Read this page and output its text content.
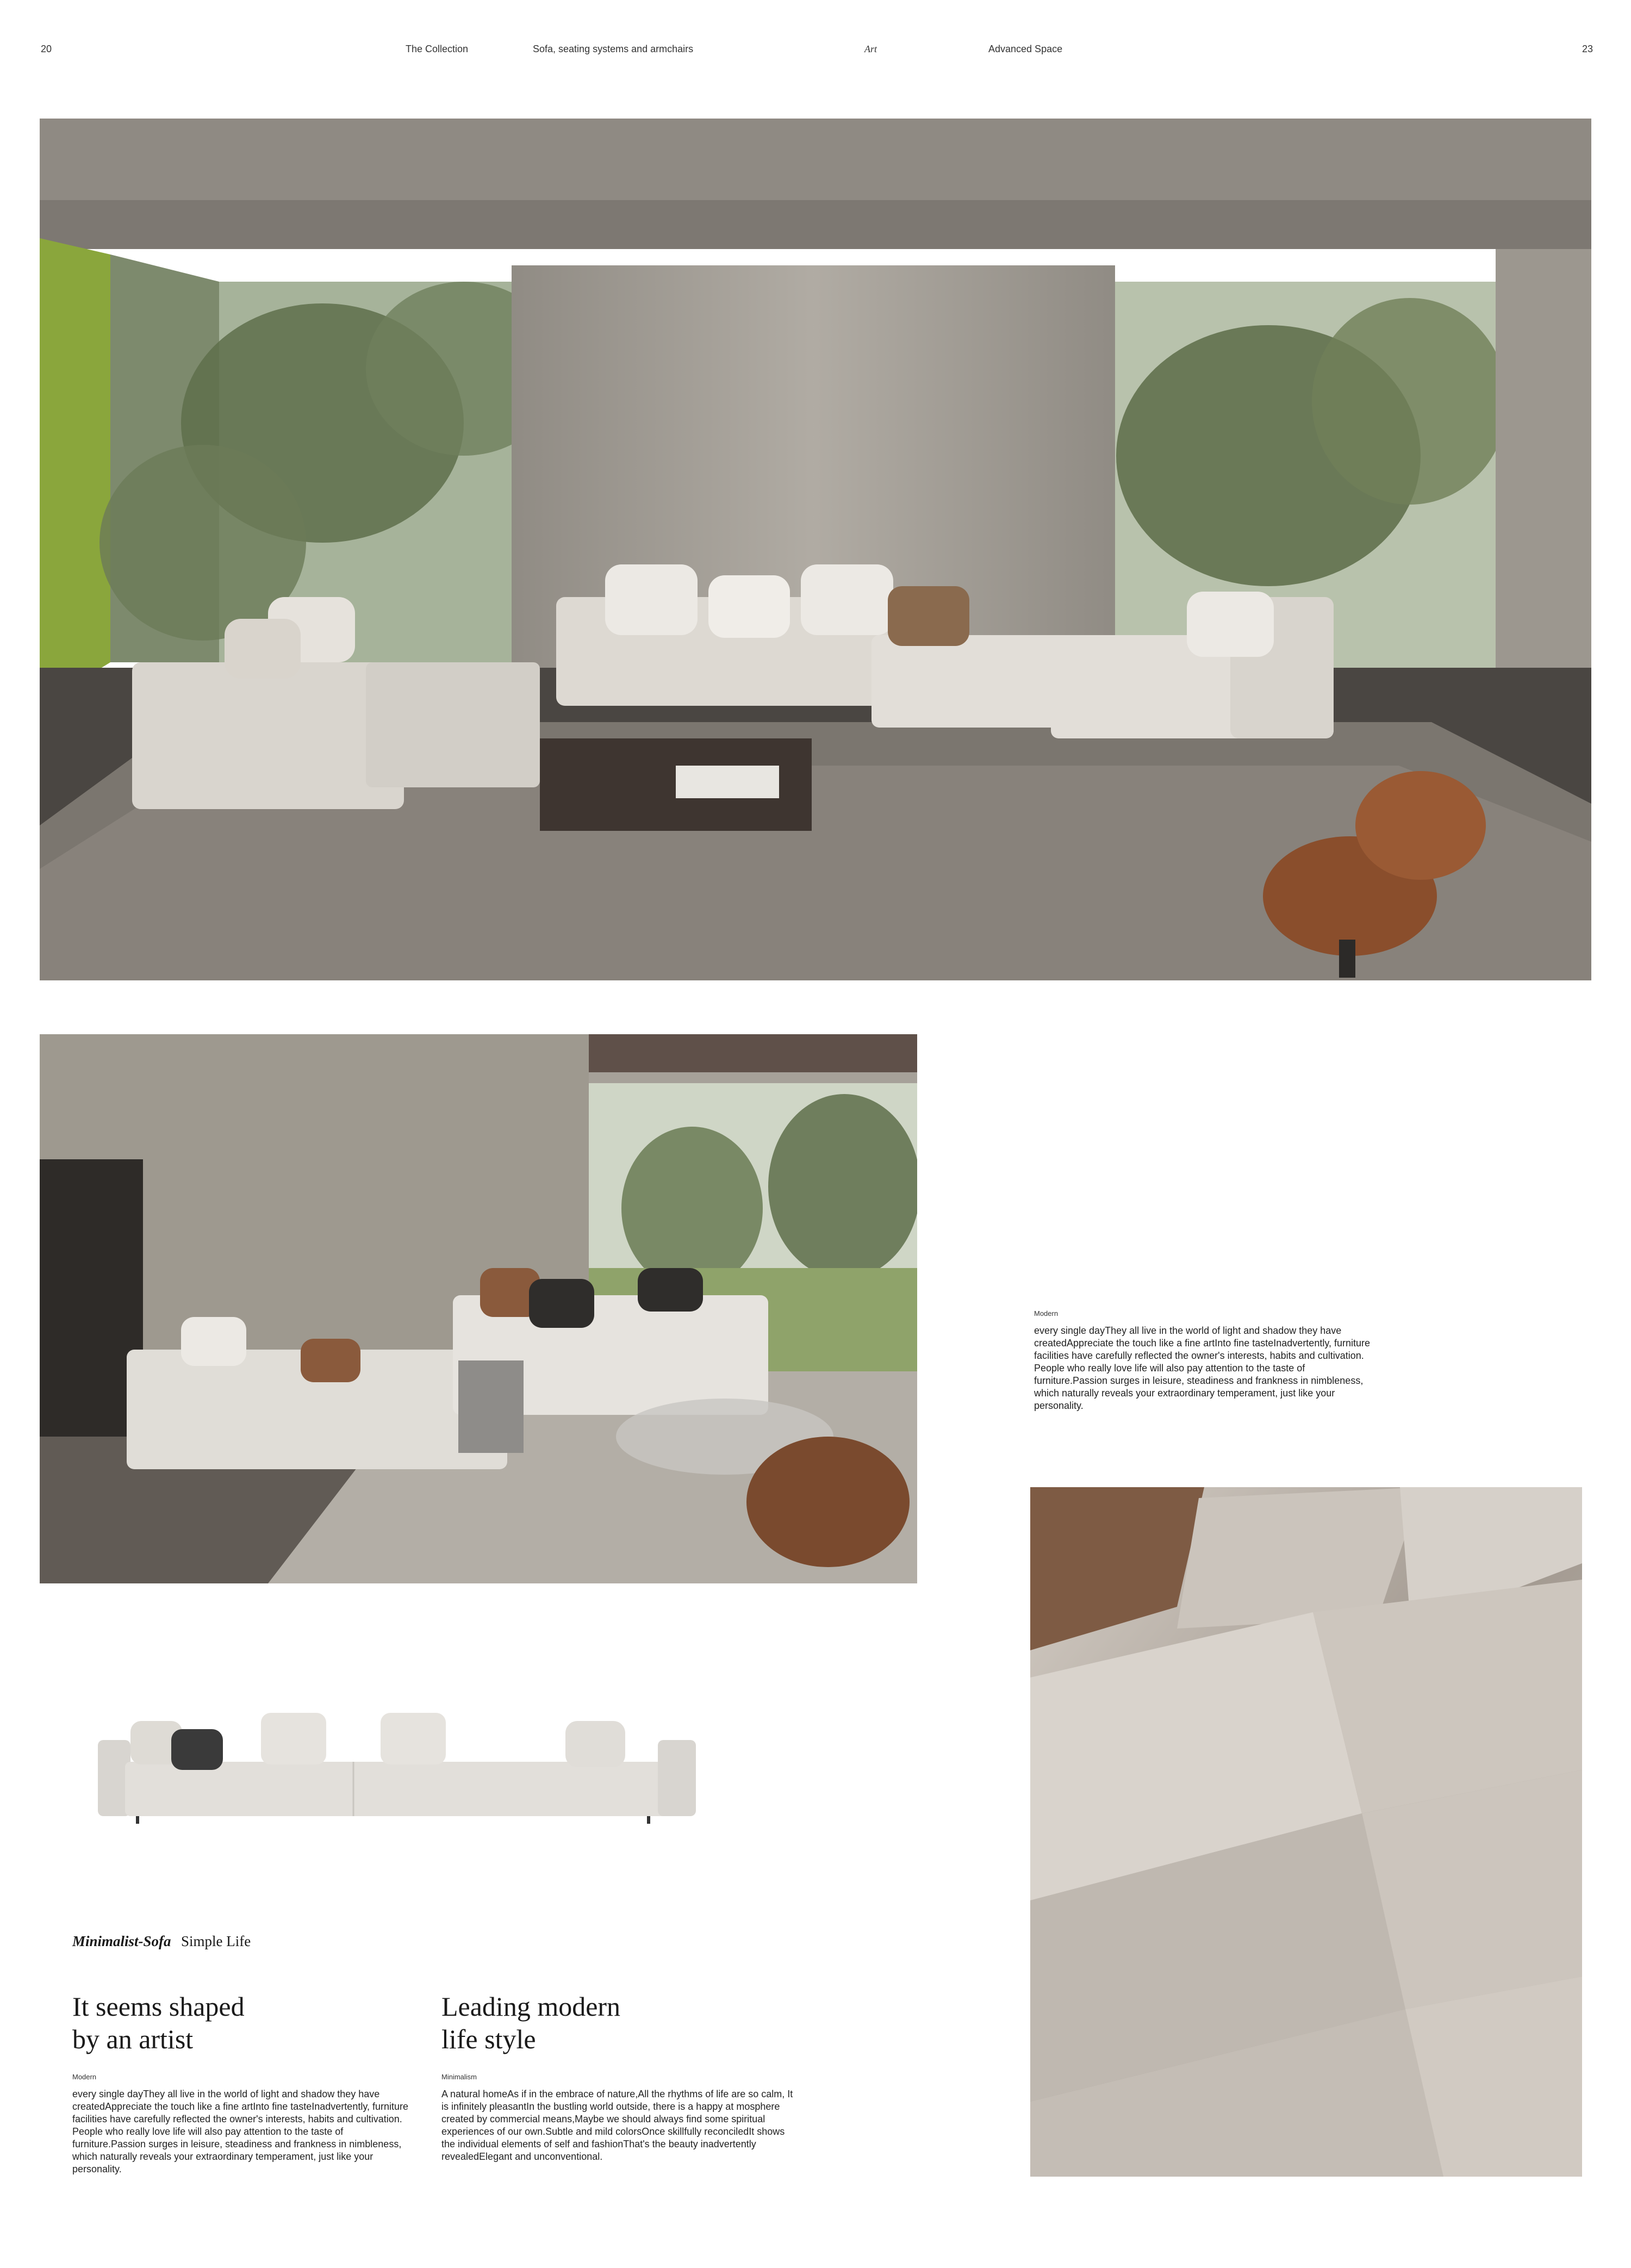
20	The Collection	Sofa, seating systems and armchairs	Art	Advanced Space	23
Modern
every single dayThey all live in the world of light and shadow they have createdAppreciate the touch like a fine artInto fine tasteInadvertently, furniture facilities have carefully reflected the owner's interests, habits and cultivation. People who really love life will also pay attention to the taste of furniture.Passion surges in leisure, steadiness and frankness in nimbleness, which naturally reveals your extraordinary temperament, just like your personality.
Minimalist-Sofa Simple Life
It seems shaped
by an artist
Modern
every single dayThey all live in the world of light and shadow they have createdAppreciate the touch like a fine artInto fine tasteInadvertently, furniture facilities have carefully reflected the owner's interests, habits and cultivation. People who really love life will also pay attention to the taste of furniture.Passion surges in leisure, steadiness and frankness in nimbleness, which naturally reveals your extraordinary temperament, just like your personality.
Leading modern
life style
Minimalism
A natural homeAs if in the embrace of nature,All the rhythms of life are so calm, It is infinitely pleasantIn the bustling world outside, there is a happy at mosphere created by commercial means,Maybe we should always find some spiritual experiences of our own.Subtle and mild colorsOnce skillfully reconciledIt shows the individual elements of self and fashionThat's the beauty inadvertently revealedElegant and unconventional.
